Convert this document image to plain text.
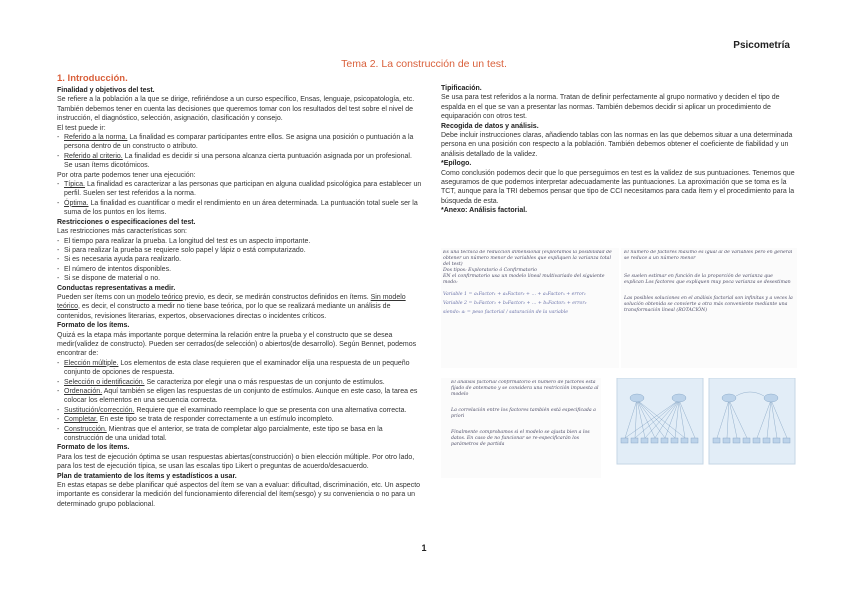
Psicometría
Tema 2. La construcción de un test.
1. Introducción.

Finalidad y objetivos del test.

Se refiere a la población a la que se dirige, refiriéndose a un curso específico, Ensas, lenguaje, psicopatología, etc. También debemos tener en cuenta las decisiones que queremos tomar con los resultados del test sobre el nivel de instrucción, el diagnóstico, selección, asignación, clasificación y consejo.

El test puede ir:

- Referido a la norma. La finalidad es comparar participantes entre ellos. Se asigna una posición o puntuación a la persona dentro de un constructo o atributo.
- Referido al criterio. La finalidad es decidir si una persona alcanza cierta puntuación asignada por un profesional. Se usan ítems dicotómicos.

Por otra parte podemos tener una ejecución:

- Típica. La finalidad es caracterizar a las personas que participan en alguna cualidad psicológica para establecer un perfil. Suelen ser test referidos a la norma.
- Óptima. La finalidad es cuantificar o medir el rendimiento en un área determinada. La puntuación total suele ser la suma de los puntos en los ítems.

Restricciones o especificaciones del test.

Las restricciones más características son:

- El tiempo para realizar la prueba. La longitud del test es un aspecto importante.
- Si para realizar la prueba se requiere solo papel y lápiz o está computarizado.
- Si es necesaria ayuda para realizarlo.
- El número de intentos disponibles.
- Si se dispone de material o no.

Conductas representativas a medir.

Pueden ser ítems con un modelo teórico previo, es decir, se medirán constructos definidos en ítems. Sin modelo teórico, es decir, el constructo a medir no tiene base teórica, por lo que se realizará mediante un análisis de contenidos, revisiones literarias, expertos, observaciones directas o incidentes críticos.

Formato de los ítems.

Quizá es la etapa más importante porque determina la relación entre la prueba y el constructo que se desea medir(validez de constructo). Pueden ser cerrados(de selección) o abiertos(de desarrollo). Según Bennet, podemos encontrar de:

- Elección múltiple. Los elementos de esta clase requieren que el examinador elija una respuesta de un pequeño conjunto de opciones de respuesta.
- Selección o identificación. Se caracteriza por elegir una o más respuestas de un conjunto de estímulos.
- Ordenación. Aquí también se eligen las respuestas de un conjunto de estímulos. Aunque en este caso, la tarea es colocar los elementos en una secuencia correcta.
- Sustitución/corrección. Requiere que el examinado reemplace lo que se presenta con una alternativa correcta.
- Completar. En este tipo se trata de responder correctamente a un estímulo incompleto.
- Construcción. Mientras que el anterior, se trata de completar algo parcialmente, este tipo se basa en la construcción de una unidad total.

Formato de los ítems.

Para los test de ejecución óptima se usan respuestas abiertas(construcción) o bien elección múltiple. Por otro lado, para los test de ejecución típica, se usan las escalas tipo Likert o preguntas de acuerdo/desacuerdo.

Plan de tratamiento de los ítems y estadísticos a usar.

En estas etapas se debe planificar qué aspectos del ítem se van a evaluar: dificultad, discriminación, etc. Un aspecto importante es considerar la medición del funcionamiento diferencial del ítem(sesgo) y su conveniencia o no para un determinado grupo poblacional.

Tipificación.

Se usa para test referidos a la norma. Tratan de definir perfectamente al grupo normativo y deciden el tipo de espalda en el que se van a presentar las normas. También debemos decidir si aplicar un procedimiento de equiparación con otros test.

Recogida de datos y análisis.

Debe incluir instrucciones claras, añadiendo tablas con las normas en las que debemos situar a una determinada persona en una posición con respecto a la población. También debemos obtener el coeficiente de fiabilidad y un análisis detallado de la validez.

*Epílogo.

Como conclusión podemos decir que lo que perseguimos en test es la validez de sus puntuaciones. Tenemos que aseguramos de que podemos interpretar adecuadamente las puntuaciones. La aproximación que se toma es la TCT, aunque para la TRI debemos pensar que tipo de CCI necesitamos para cada ítem y el procedimiento para la búsqueda de esta.

*Anexo: Análisis factorial.

Es una técnica de reducción dimensional (exploramos la posibilidad de obtener un número menor de variables que expliquen la varianza total del test)
Dos tipos: Exploratorio ó Confirmatorio
EN el confirmatorio usa un modelo lineal multivariado del siguiente modo:
Variable 1 = a₁Factor₁ + a₂Factor₂ + ... + aₙFactorₙ + error₁
Variable 2 = b₁Factor₁ + b₂Factor₂ + ... + bₙFactorₙ + error₂
siendo: aᵢ = peso factorial / saturación de la variable
El número de factores máximo es igual al de variables pero en general se reduce a un número menor
Se suelen estimar en función de la proporción de varianza que explican Los factores que expliquen muy poca varianza se desestiman
Las posibles soluciones en el análisis factorial son infinitas y a veces la solución obtenida se convierte a otra más conveniente mediante una transformación lineal (ROTACIÓN)
El análisis factorial confirmatorio el número de factores está fijado de antemano y se considera una restricción impuesta al modelo
La correlación entre los factores también está especificada a priori
Finalmente comprobamos si el modelo se ajusta bien a los datos. En caso de no funcionar se re-especificarán los parámetros de partida
1
